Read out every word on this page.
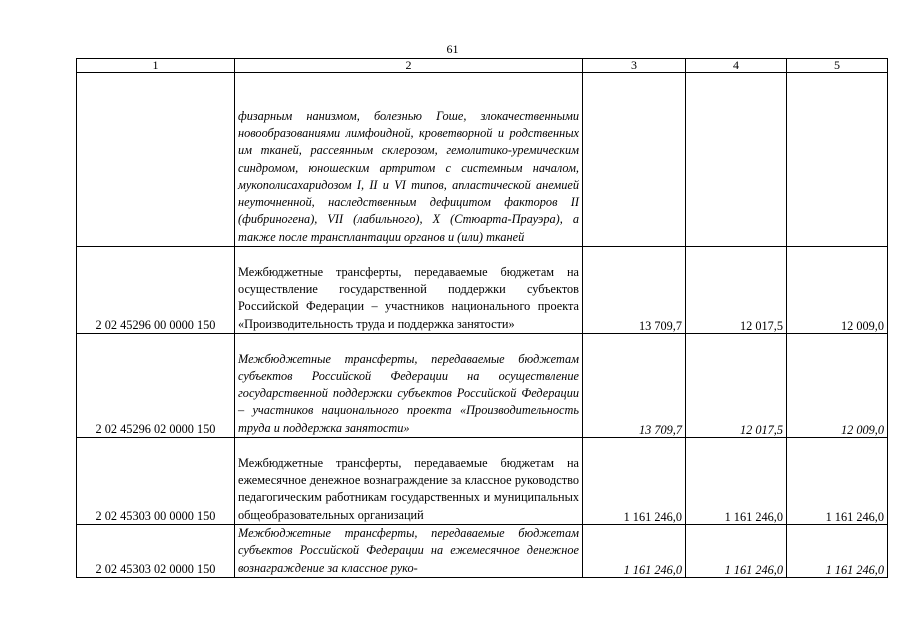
61
1	2	3	4	5
	физарным нанизмом, болезнью Гоше, злокачественными новообразованиями лимфоидной, кроветворной и родственных им тканей, рассеянным склерозом, гемолитико-уремическим синдромом, юношеским артритом с системным началом, мукополисахаридозом I, II и VI типов, апластической анемией неуточненной, наследственным дефицитом факторов II (фибриногена), VII (лабильного), X (Стюарта-Прауэра), а также после трансплантации органов и (или) тканей			
2 02 45296 00 0000 150	Межбюджетные трансферты, передаваемые бюджетам на осуществление государственной поддержки субъектов Российской Федерации – участников национального проекта «Производительность труда и поддержка занятости»	13 709,7	12 017,5	12 009,0
2 02 45296 02 0000 150	Межбюджетные трансферты, передаваемые бюджетам субъектов Российской Федерации на осуществление государственной поддержки субъектов Российской Федерации – участников национального проекта «Производительность труда и поддержка занятости»	13 709,7	12 017,5	12 009,0
2 02 45303 00 0000 150	Межбюджетные трансферты, передаваемые бюджетам на ежемесячное денежное вознаграждение за классное руководство педагогическим работникам государственных и муниципальных общеобразовательных организаций	1 161 246,0	1 161 246,0	1 161 246,0
2 02 45303 02 0000 150	Межбюджетные трансферты, передаваемые бюджетам субъектов Российской Федерации на ежемесячное денежное вознаграждение за классное руко-	1 161 246,0	1 161 246,0	1 161 246,0
